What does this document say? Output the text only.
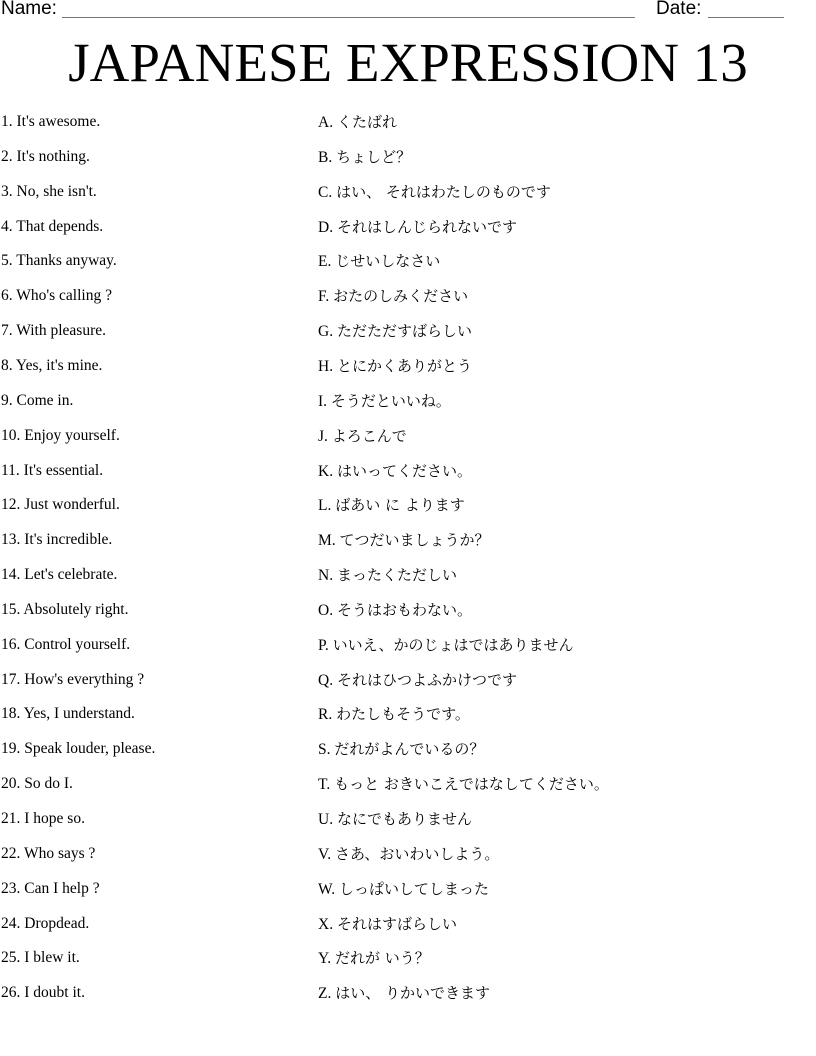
Name:	Date:
JAPANESE EXPRESSION 13
1. It's awesome.	A. くたばれ
2. It's nothing.	B. ちょしど？
3. No, she isn't.	C. はい、 それはわたしのものです
4. That depends.	D. それはしんじられないです
5. Thanks anyway.	E. じせいしなさい
6. Who's calling ?	F. おたのしみください
7. With pleasure.	G. ただただすばらしい
8. Yes, it's mine.	H. とにかくありがとう
9. Come in.	I. そうだといいね。
10. Enjoy yourself.	J. よろこんで
11. It's essential.	K. はいってください。
12. Just wonderful.	L. ばあい に よります
13. It's incredible.	M. てつだいましょうか？
14. Let's celebrate.	N. まったくただしい
15. Absolutely right.	O. そうはおもわない。
16. Control yourself.	P. いいえ、かのじょはではありません
17. How's everything ?	Q. それはひつよふかけつです
18. Yes, I understand.	R. わたしもそうです。
19. Speak louder, please.	S. だれがよんでいるの？
20. So do I.	T. もっと おきいこえではなしてください。
21. I hope so.	U. なにでもありません
22. Who says ?	V. さあ、おいわいしよう。
23. Can I help ?	W. しっぱいしてしまった
24. Dropdead.	X. それはすばらしい
25. I blew it.	Y. だれが いう？
26. I doubt it.	Z. はい、 りかいできます
